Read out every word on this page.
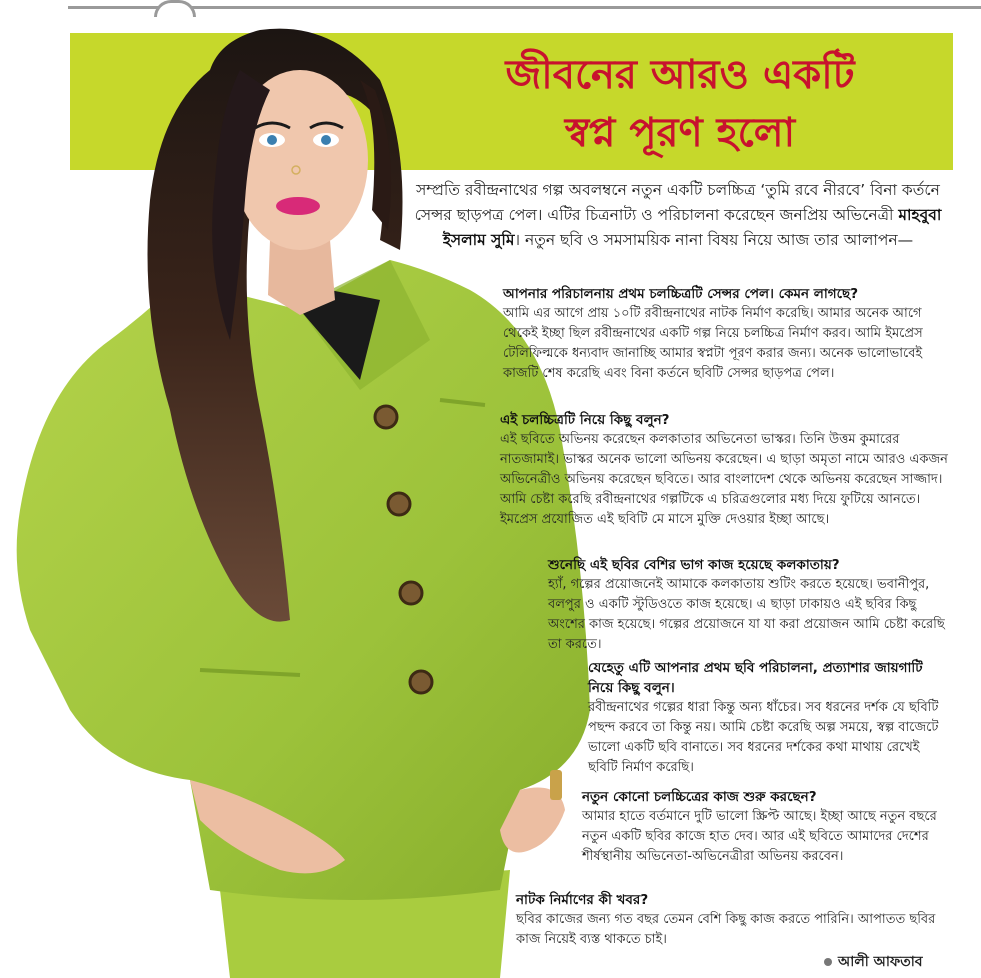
জীবনের আরও একটি
স্বপ্ন পূরণ হলো
সম্প্রতি রবীন্দ্রনাথের গল্প অবলম্বনে নতুন একটি চলচ্চিত্র ‘তুমি রবে নীরবে’ বিনা কর্তনে সেন্সর ছাড়পত্র পেল। এটির চিত্রনাট্য ও পরিচালনা করেছেন জনপ্রিয় অভিনেত্রী মাহবুবা ইসলাম সুমি। নতুন ছবি ও সমসাময়িক নানা বিষয় নিয়ে আজ তার আলাপন—
আপনার পরিচালনায় প্রথম চলচ্চিত্রটি সেন্সর পেল। কেমন লাগছে?
আমি এর আগে প্রায় ১০টি রবীন্দ্রনাথের নাটক নির্মাণ করেছি। আমার অনেক আগে থেকেই ইচ্ছা ছিল রবীন্দ্রনাথের একটি গল্প নিয়ে চলচ্চিত্র নির্মাণ করব। আমি ইমপ্রেস টেলিফিল্মকে ধন্যবাদ জানাচ্ছি আমার স্বপ্নটা পূরণ করার জন্য। অনেক ভালোভাবেই কাজটি শেষ করেছি এবং বিনা কর্তনে ছবিটি সেন্সর ছাড়পত্র পেল।
এই চলচ্চিত্রটি নিয়ে কিছু বলুন?
এই ছবিতে অভিনয় করেছেন কলকাতার অভিনেতা ভাস্কর। তিনি উত্তম কুমারের নাতজামাই। ভাস্কর অনেক ভালো অভিনয় করেছেন। এ ছাড়া অমৃতা নামে আরও একজন অভিনেত্রীও অভিনয় করেছেন ছবিতে। আর বাংলাদেশ থেকে অভিনয় করেছেন সাজ্জাদ। আমি চেষ্টা করেছি রবীন্দ্রনাথের গল্পটিকে এ চরিত্রগুলোর মধ্য দিয়ে ফুটিয়ে আনতে। ইমপ্রেস প্রযোজিত এই ছবিটি মে মাসে মুক্তি দেওয়ার ইচ্ছা আছে।
শুনেছি এই ছবির বেশির ভাগ কাজ হয়েছে কলকাতায়?
হ্যাঁ, গল্পের প্রয়োজনেই আমাকে কলকাতায় শুটিং করতে হয়েছে। ভবানীপুর, বলপুর ও একটি স্টুডিওতে কাজ হয়েছে। এ ছাড়া ঢাকায়ও এই ছবির কিছু অংশের কাজ হয়েছে। গল্পের প্রয়োজনে যা যা করা প্রয়োজন আমি চেষ্টা করেছি তা করতে।
যেহেতু এটি আপনার প্রথম ছবি পরিচালনা, প্রত্যাশার জায়গাটি নিয়ে কিছু বলুন।
রবীন্দ্রনাথের গল্পের ধারা কিন্তু অন্য ধাঁচের। সব ধরনের দর্শক যে ছবিটি পছন্দ করবে তা কিন্তু নয়। আমি চেষ্টা করেছি অল্প সময়ে, স্বল্প বাজেটে ভালো একটি ছবি বানাতে। সব ধরনের দর্শকের কথা মাথায় রেখেই ছবিটি নির্মাণ করেছি।
নতুন কোনো চলচ্চিত্রের কাজ শুরু করছেন?
আমার হাতে বর্তমানে দুটি ভালো স্ক্রিপ্ট আছে। ইচ্ছা আছে নতুন বছরে নতুন একটি ছবির কাজে হাত দেব। আর এই ছবিতে আমাদের দেশের শীর্ষস্থানীয় অভিনেতা-অভিনেত্রীরা অভিনয় করবেন।
নাটক নির্মাণের কী খবর?
ছবির কাজের জন্য গত বছর তেমন বেশি কিছু কাজ করতে পারিনি। আপাতত ছবির কাজ নিয়েই ব্যস্ত থাকতে চাই।
আলী আফতাব
